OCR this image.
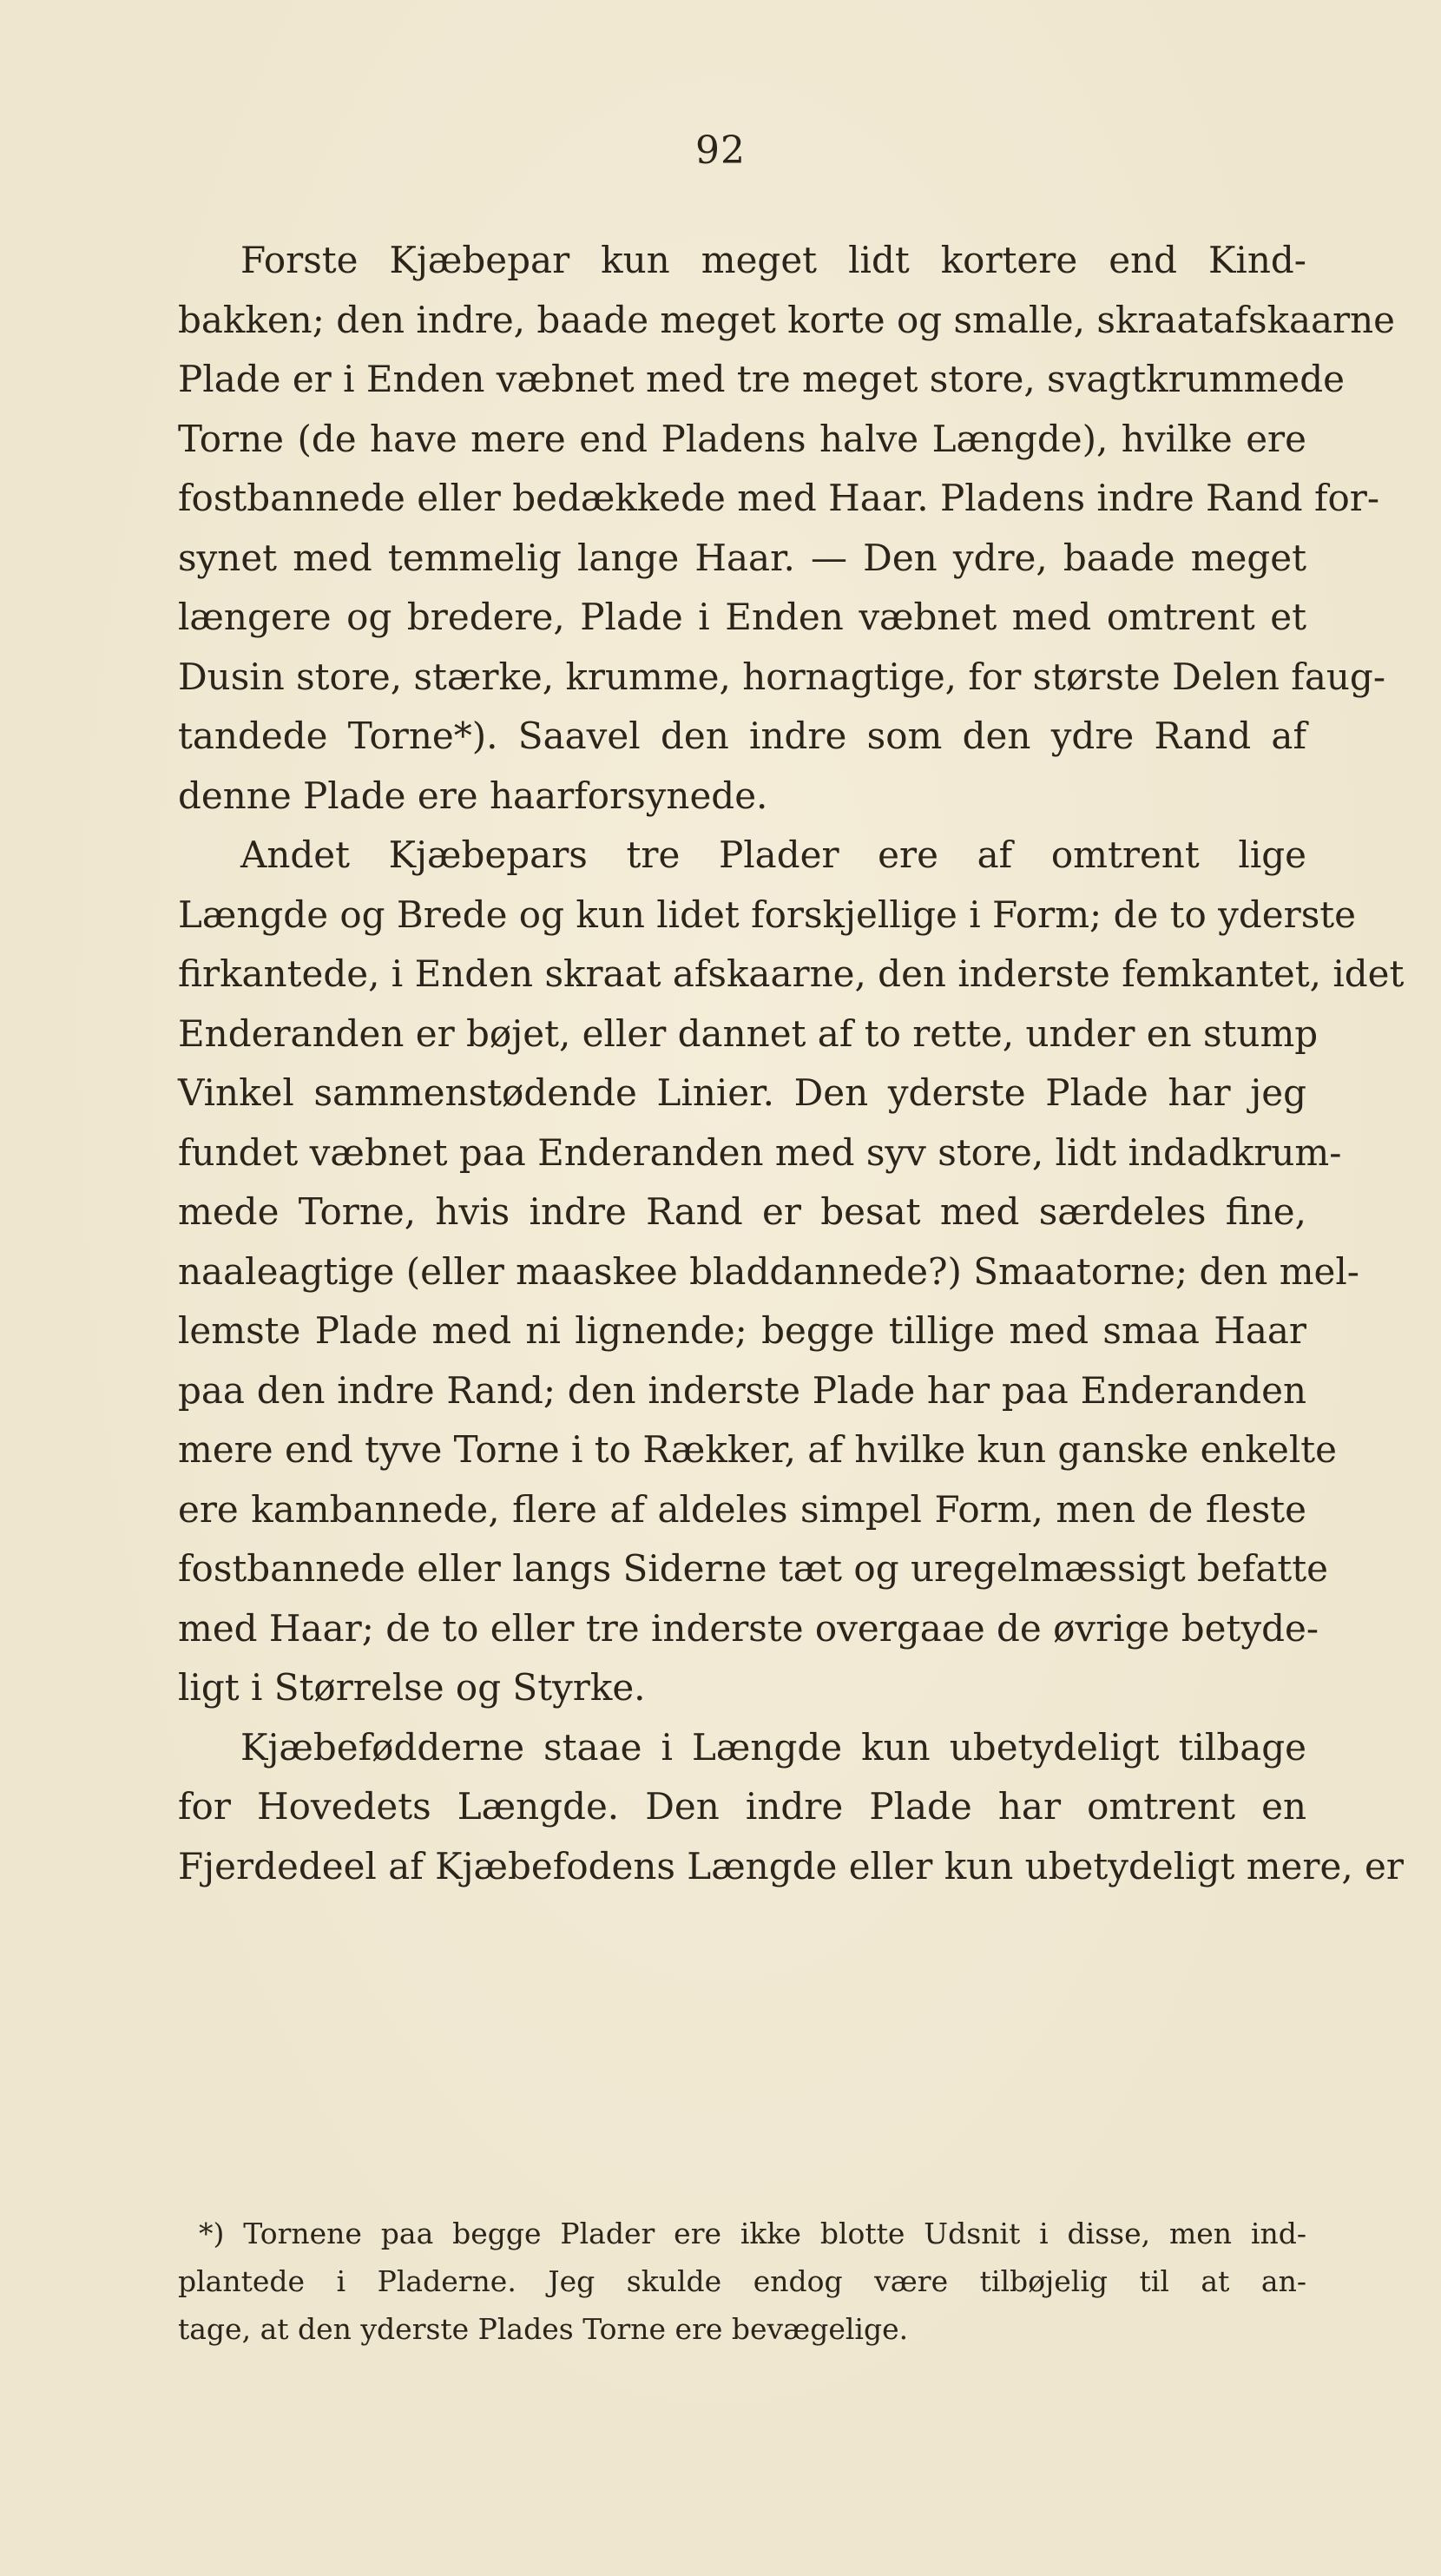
92
Forste Kjæbepar kun meget lidt kortere end Kind-
bakken; den indre, baade meget korte og smalle, skraatafskaarne
Plade er i Enden væbnet med tre meget store, svagtkrummede
Torne (de have mere end Pladens halve Længde), hvilke ere
fostbannede eller bedækkede med Haar. Pladens indre Rand for-
synet med temmelig lange Haar. — Den ydre, baade meget
længere og bredere, Plade i Enden væbnet med omtrent et
Dusin store, stærke, krumme, hornagtige, for største Delen faug-
tandede Torne*). Saavel den indre som den ydre Rand af
denne Plade ere haarforsynede.
Andet Kjæbepars tre Plader ere af omtrent lige
Længde og Brede og kun lidet forskjellige i Form; de to yderste
firkantede, i Enden skraat afskaarne, den inderste femkantet, idet
Enderanden er bøjet, eller dannet af to rette, under en stump
Vinkel sammenstødende Linier. Den yderste Plade har jeg
fundet væbnet paa Enderanden med syv store, lidt indadkrum-
mede Torne, hvis indre Rand er besat med særdeles fine,
naaleagtige (eller maaskee bladdannede?) Smaatorne; den mel-
lemste Plade med ni lignende; begge tillige med smaa Haar
paa den indre Rand; den inderste Plade har paa Enderanden
mere end tyve Torne i to Rækker, af hvilke kun ganske enkelte
ere kambannede, flere af aldeles simpel Form, men de fleste
fostbannede eller langs Siderne tæt og uregelmæssigt befatte
med Haar; de to eller tre inderste overgaae de øvrige betyde-
ligt i Størrelse og Styrke.
Kjæbefødderne staae i Længde kun ubetydeligt tilbage
for Hovedets Længde. Den indre Plade har omtrent en
Fjerdedeel af Kjæbefodens Længde eller kun ubetydeligt mere, er
*) Tornene paa begge Plader ere ikke blotte Udsnit i disse, men ind-
plantede i Pladerne. Jeg skulde endog være tilbøjelig til at an-
tage, at den yderste Plades Torne ere bevægelige.
